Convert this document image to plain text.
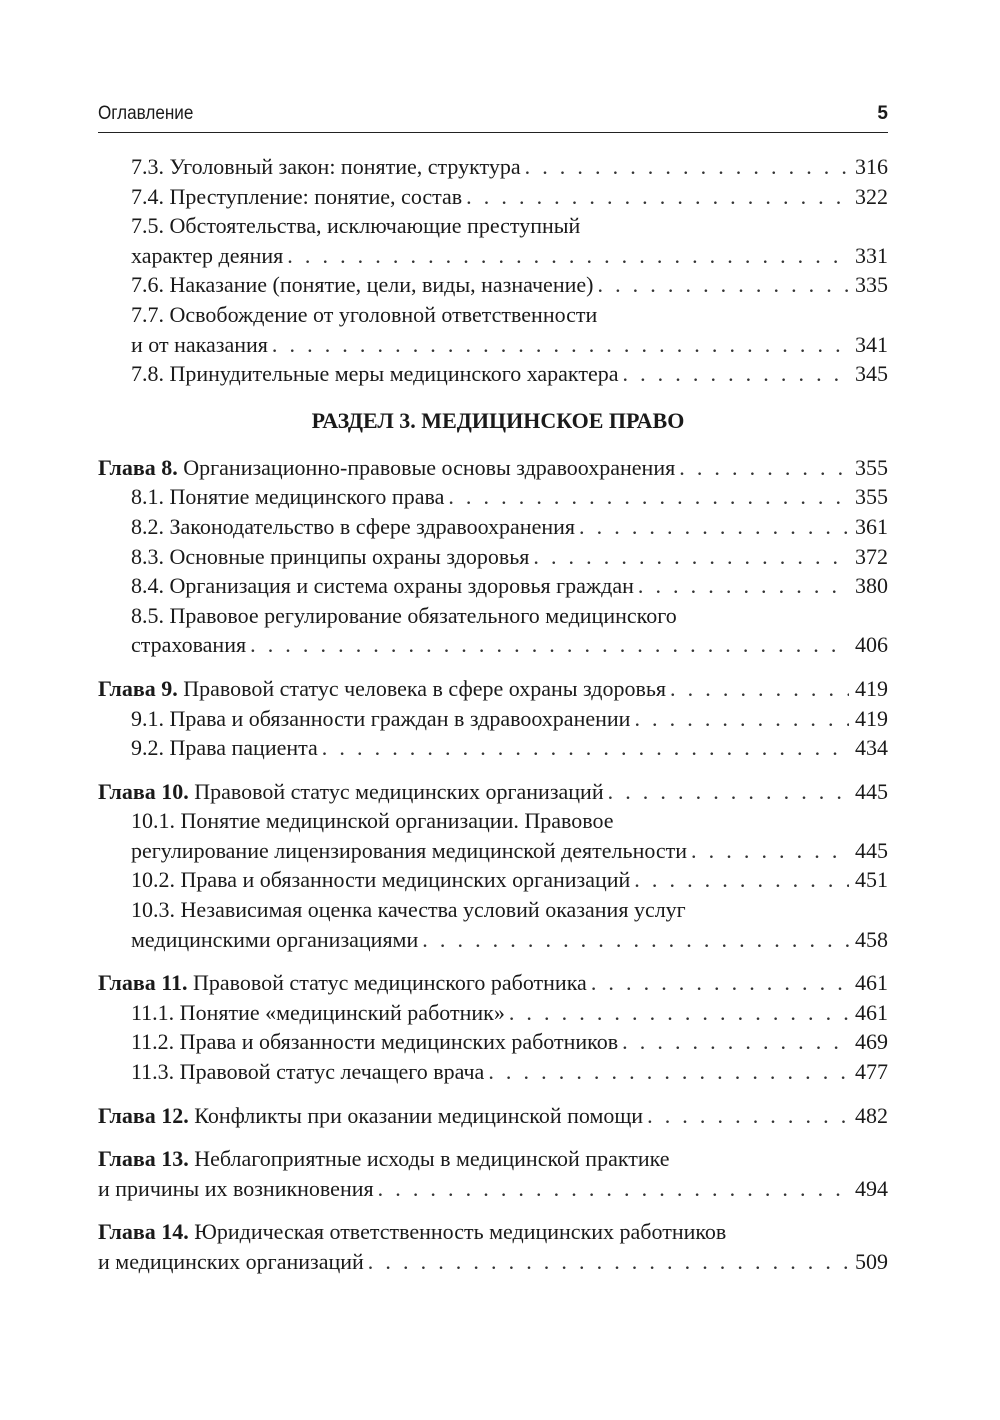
Оглавление	5
7.3. Уголовный закон: понятие, структура . . .	316
7.4. Преступление: понятие, состав . . .	322
7.5. Обстоятельства, исключающие преступный
характер деяния . . .	331
7.6. Наказание (понятие, цели, виды, назначение) . . .	335
7.7. Освобождение от уголовной ответственности
и от наказания . . .	341
7.8. Принудительные меры медицинского характера . . .	345
РАЗДЕЛ 3. МЕДИЦИНСКОЕ ПРАВО
Глава 8. Организационно-правовые основы здравоохранения . . .	355
8.1. Понятие медицинского права . . .	355
8.2. Законодательство в сфере здравоохранения . . .	361
8.3. Основные принципы охраны здоровья . . .	372
8.4. Организация и система охраны здоровья граждан . . .	380
8.5. Правовое регулирование обязательного медицинского
страхования . . .	406
Глава 9. Правовой статус человека в сфере охраны здоровья . . .	419
9.1. Права и обязанности граждан в здравоохранении . . .	419
9.2. Права пациента . . .	434
Глава 10. Правовой статус медицинских организаций . . .	445
10.1. Понятие медицинской организации. Правовое
регулирование лицензирования медицинской деятельности . . .	445
10.2. Права и обязанности медицинских организаций . . .	451
10.3. Независимая оценка качества условий оказания услуг
медицинскими организациями . . .	458
Глава 11. Правовой статус медицинского работника . . .	461
11.1. Понятие «медицинский работник» . . .	461
11.2. Права и обязанности медицинских работников . . .	469
11.3. Правовой статус лечащего врача . . .	477
Глава 12. Конфликты при оказании медицинской помощи . . .	482
Глава 13. Неблагоприятные исходы в медицинской практике
и причины их возникновения . . .	494
Глава 14. Юридическая ответственность медицинских работников
и медицинских организаций . . .	509
